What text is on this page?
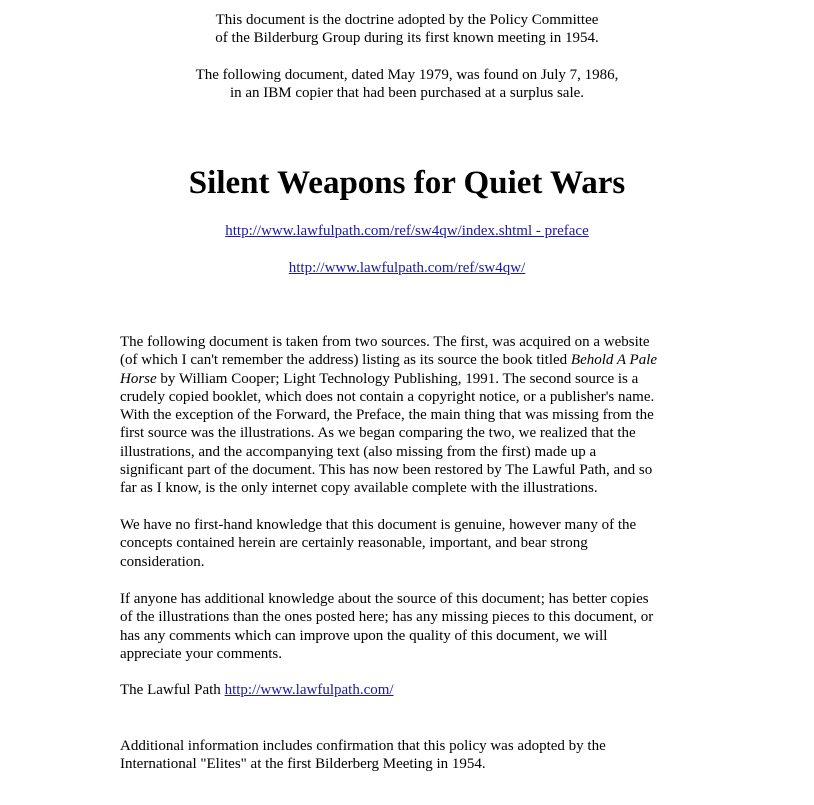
This document is the doctrine adopted by the Policy Committee
of the Bilderburg Group during its first known meeting in 1954.
The following document, dated May 1979, was found on July 7, 1986,
in an IBM copier that had been purchased at a surplus sale.
Silent Weapons for Quiet Wars
http://www.lawfulpath.com/ref/sw4qw/index.shtml - preface
http://www.lawfulpath.com/ref/sw4qw/
The following document is taken from two sources. The first, was acquired on a website
(of which I can't remember the address) listing as its source the book titled Behold A Pale
Horse by William Cooper; Light Technology Publishing, 1991. The second source is a
crudely copied booklet, which does not contain a copyright notice, or a publisher's name.
With the exception of the Forward, the Preface, the main thing that was missing from the
first source was the illustrations. As we began comparing the two, we realized that the
illustrations, and the accompanying text (also missing from the first) made up a
significant part of the document. This has now been restored by The Lawful Path, and so
far as I know, is the only internet copy available complete with the illustrations.
We have no first-hand knowledge that this document is genuine, however many of the
concepts contained herein are certainly reasonable, important, and bear strong
consideration.
If anyone has additional knowledge about the source of this document; has better copies
of the illustrations than the ones posted here; has any missing pieces to this document, or
has any comments which can improve upon the quality of this document, we will
appreciate your comments.
The Lawful Path http://www.lawfulpath.com/
Additional information includes confirmation that this policy was adopted by the
International "Elites" at the first Bilderberg Meeting in 1954.
